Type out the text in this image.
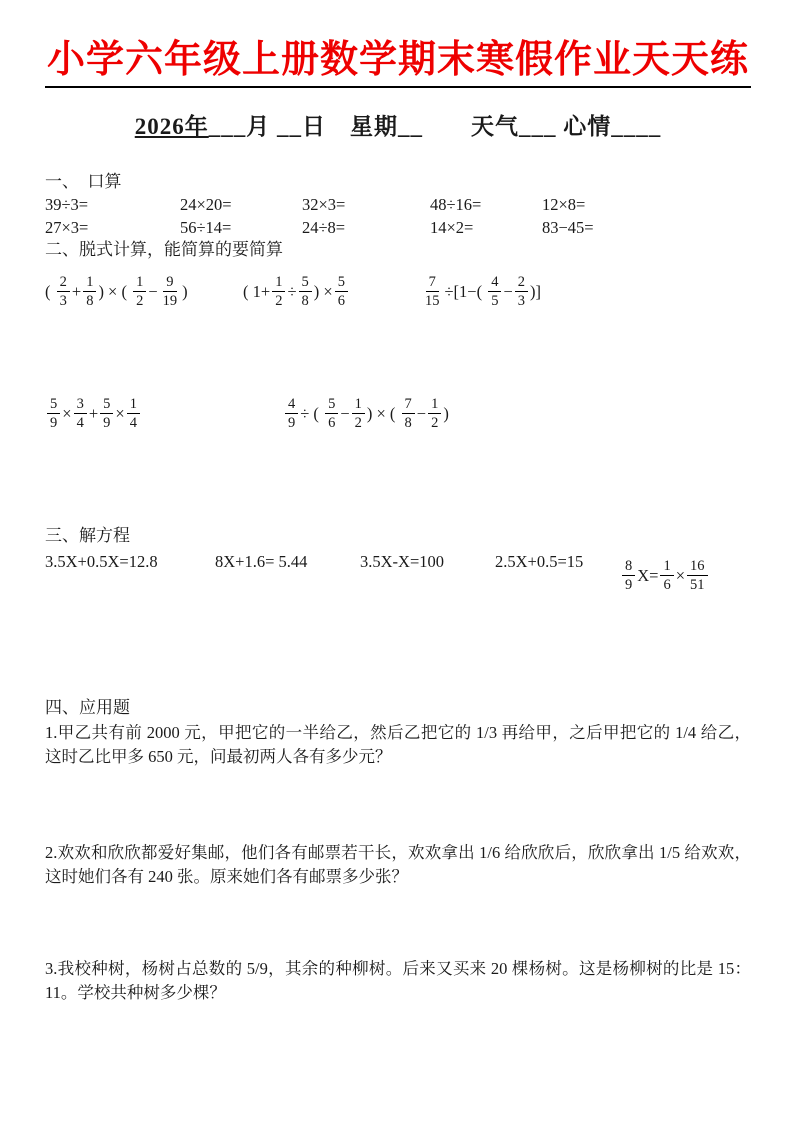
小学六年级上册数学期末寒假作业天天练
2026年___月 __日　星期__　　天气___ 心情____
一、　口算
39÷3=	24×20=	32×3=	48÷16=	12×8=
27×3=	56÷14=	24÷8=	14×2=	83−45=
二、脱式计算，能简算的要简算
( $\frac{2}{3} + \frac{1}{8}$ ) × ( $\frac{1}{2} - \frac{9}{19}$ )	( $1+ \frac{1}{2} \div \frac{5}{8}$ ) × $\frac{5}{6}$	$\frac{7}{15} \div[1-( \frac{4}{5} - \frac{2}{3}$ )]
$\frac{5}{9} \times \frac{3}{4} + \frac{5}{9} \times \frac{1}{4}$	$\frac{4}{9}$ ÷ ( $\frac{5}{6} - \frac{1}{2}$ ) × ( $\frac{7}{8} - \frac{1}{2}$ )
三、解方程
3.5X+0.5X=12.8	8X+1.6= 5.44	3.5X-X=100	2.5X+0.5=15	$\frac{8}{9} X= \frac{1}{6} \times \frac{16}{51}$
四、应用题

1.甲乙共有前 2000 元，甲把它的一半给乙，然后乙把它的 1/3 再给甲，之后甲把它的 1/4 给乙，这时乙比甲多 650 元，问最初两人各有多少元？

2.欢欢和欣欣都爱好集邮，他们各有邮票若干长，欢欢拿出 1/6 给欣欣后，欣欣拿出 1/5 给欢欢，这时她们各有 240 张。原来她们各有邮票多少张？

3.我校种树，杨树占总数的 5/9，其余的种柳树。后来又买来 20 棵杨树。这是杨柳树的比是 15：11。学校共种树多少棵？
